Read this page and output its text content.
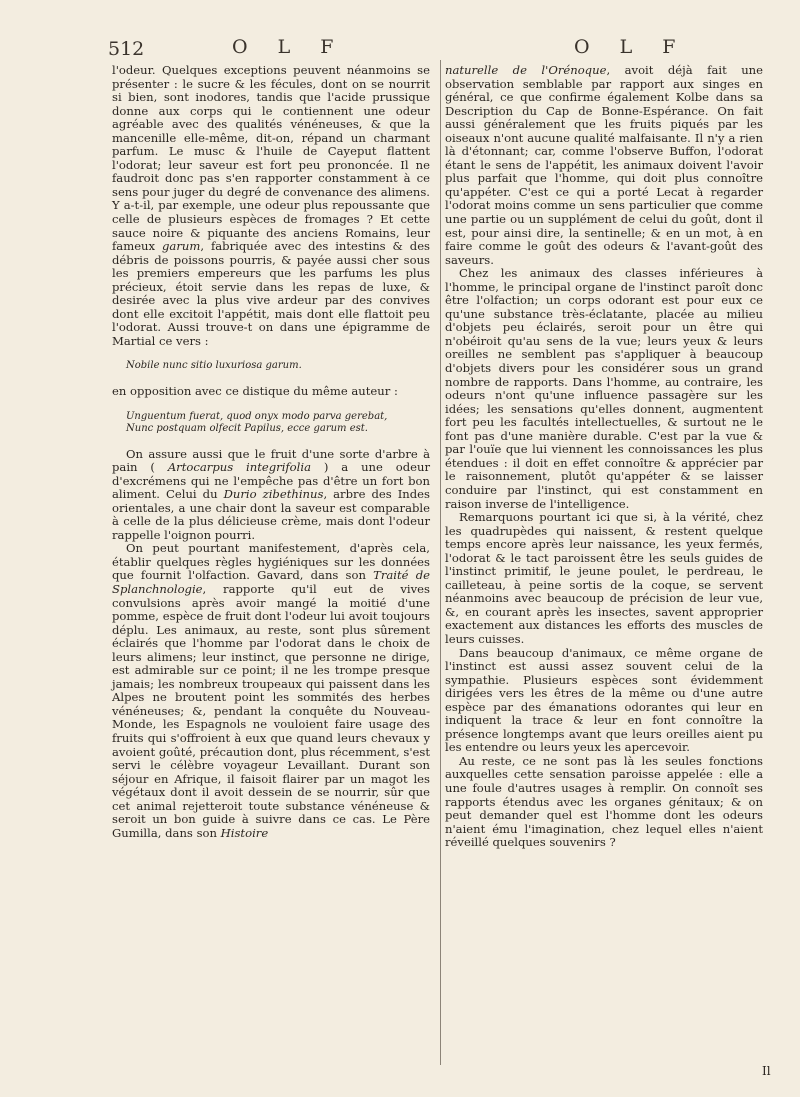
512	O L F	O L F

l'odeur. Quelques exceptions peuvent néanmoins se présenter : le sucre & les fécules, dont on se nourrit si bien, sont inodores, tandis que l'acide prussique donne aux corps qui le contiennent une odeur agréable avec des qualités vénéneuses, & que la mancenille elle-même, dit-on, répand un charmant parfum. Le musc & l'huile de Cayeput flattent l'odorat; leur saveur est fort peu prononcée. Il ne faudroit donc pas s'en rapporter constamment à ce sens pour juger du degré de convenance des alimens. Y a-t-il, par exemple, une odeur plus repoussante que celle de plusieurs espèces de fromages ? Et cette sauce noire & piquante des anciens Romains, leur fameux garum, fabriquée avec des intestins & des débris de poissons pourris, & payée aussi cher sous les premiers empereurs que les parfums les plus précieux, étoit servie dans les repas de luxe, & desirée avec la plus vive ardeur par des convives dont elle excitoit l'appétit, mais dont elle flattoit peu l'odorat. Aussi trouve-t on dans une épigramme de Martial ce vers :

Nobile nunc sitio luxuriosa garum.

en opposition avec ce distique du même auteur :

Unguentum fuerat, quod onyx modo parva gerebat,

Nunc postquam olfecit Papilus, ecce garum est.

On assure aussi que le fruit d'une sorte d'arbre à pain ( Artocarpus integrifolia ) a une odeur d'excrémens qui ne l'empêche pas d'être un fort bon aliment. Celui du Durio zibethinus, arbre des Indes orientales, a une chair dont la saveur est comparable à celle de la plus délicieuse crème, mais dont l'odeur rappelle l'oignon pourri.

On peut pourtant manifestement, d'après cela, établir quelques règles hygiéniques sur les données que fournit l'olfaction. Gavard, dans son Traité de Splanchnologie, rapporte qu'il eut de vives convulsions après avoir mangé la moitié d'une pomme, espèce de fruit dont l'odeur lui avoit toujours déplu. Les animaux, au reste, sont plus sûrement éclairés que l'homme par l'odorat dans le choix de leurs alimens; leur instinct, que personne ne dirige, est admirable sur ce point; il ne les trompe presque jamais; les nombreux troupeaux qui paissent dans les Alpes ne broutent point les sommités des herbes vénéneuses; &, pendant la conquête du Nouveau-Monde, les Espagnols ne vouloient faire usage des fruits qui s'offroient à eux que quand leurs chevaux y avoient goûté, précaution dont, plus récemment, s'est servi le célèbre voyageur Levaillant. Durant son séjour en Afrique, il faisoit flairer par un magot les végétaux dont il avoit dessein de se nourrir, sûr que cet animal rejetteroit toute substance vénéneuse & seroit un bon guide à suivre dans ce cas. Le Père Gumilla, dans son Histoire

naturelle de l'Orénoque, avoit déjà fait une observation semblable par rapport aux singes en général, ce que confirme également Kolbe dans sa Description du Cap de Bonne-Espérance. On fait aussi généralement que les fruits piqués par les oiseaux n'ont aucune qualité malfaisante. Il n'y a rien là d'étonnant; car, comme l'observe Buffon, l'odorat étant le sens de l'appétit, les animaux doivent l'avoir plus parfait que l'homme, qui doit plus connoître qu'appéter. C'est ce qui a porté Lecat à regarder l'odorat moins comme un sens particulier que comme une partie ou un supplément de celui du goût, dont il est, pour ainsi dire, la sentinelle; & en un mot, à en faire comme le goût des odeurs & l'avant-goût des saveurs.

Chez les animaux des classes inférieures à l'homme, le principal organe de l'instinct paroît donc être l'olfaction; un corps odorant est pour eux ce qu'une substance très-éclatante, placée au milieu d'objets peu éclairés, seroit pour un être qui n'obéiroit qu'au sens de la vue; leurs yeux & leurs oreilles ne semblent pas s'appliquer à beaucoup d'objets divers pour les considérer sous un grand nombre de rapports. Dans l'homme, au contraire, les odeurs n'ont qu'une influence passagère sur les idées; les sensations qu'elles donnent, augmentent fort peu les facultés intellectuelles, & surtout ne le font pas d'une manière durable. C'est par la vue & par l'ouïe que lui viennent les connoissances les plus étendues : il doit en effet connoître & apprécier par le raisonnement, plutôt qu'appéter & se laisser conduire par l'instinct, qui est constamment en raison inverse de l'intelligence.

Remarquons pourtant ici que si, à la vérité, chez les quadrupèdes qui naissent, & restent quelque temps encore après leur naissance, les yeux fermés, l'odorat & le tact paroissent être les seuls guides de l'instinct primitif, le jeune poulet, le perdreau, le cailleteau, à peine sortis de la coque, se servent néanmoins avec beaucoup de précision de leur vue, &, en courant après les insectes, savent approprier exactement aux distances les efforts des muscles de leurs cuisses.

Dans beaucoup d'animaux, ce même organe de l'instinct est aussi assez souvent celui de la sympathie. Plusieurs espèces sont évidemment dirigées vers les êtres de la même ou d'une autre espèce par des émanations odorantes qui leur en indiquent la trace & leur en font connoître la présence longtemps avant que leurs oreilles aient pu les entendre ou leurs yeux les apercevoir.

Au reste, ce ne sont pas là les seules fonctions auxquelles cette sensation paroisse appelée : elle a une foule d'autres usages à remplir. On connoît ses rapports étendus avec les organes génitaux; & on peut demander quel est l'homme dont les odeurs n'aient ému l'imagination, chez lequel elles n'aient réveillé quelques souvenirs ?

Il
